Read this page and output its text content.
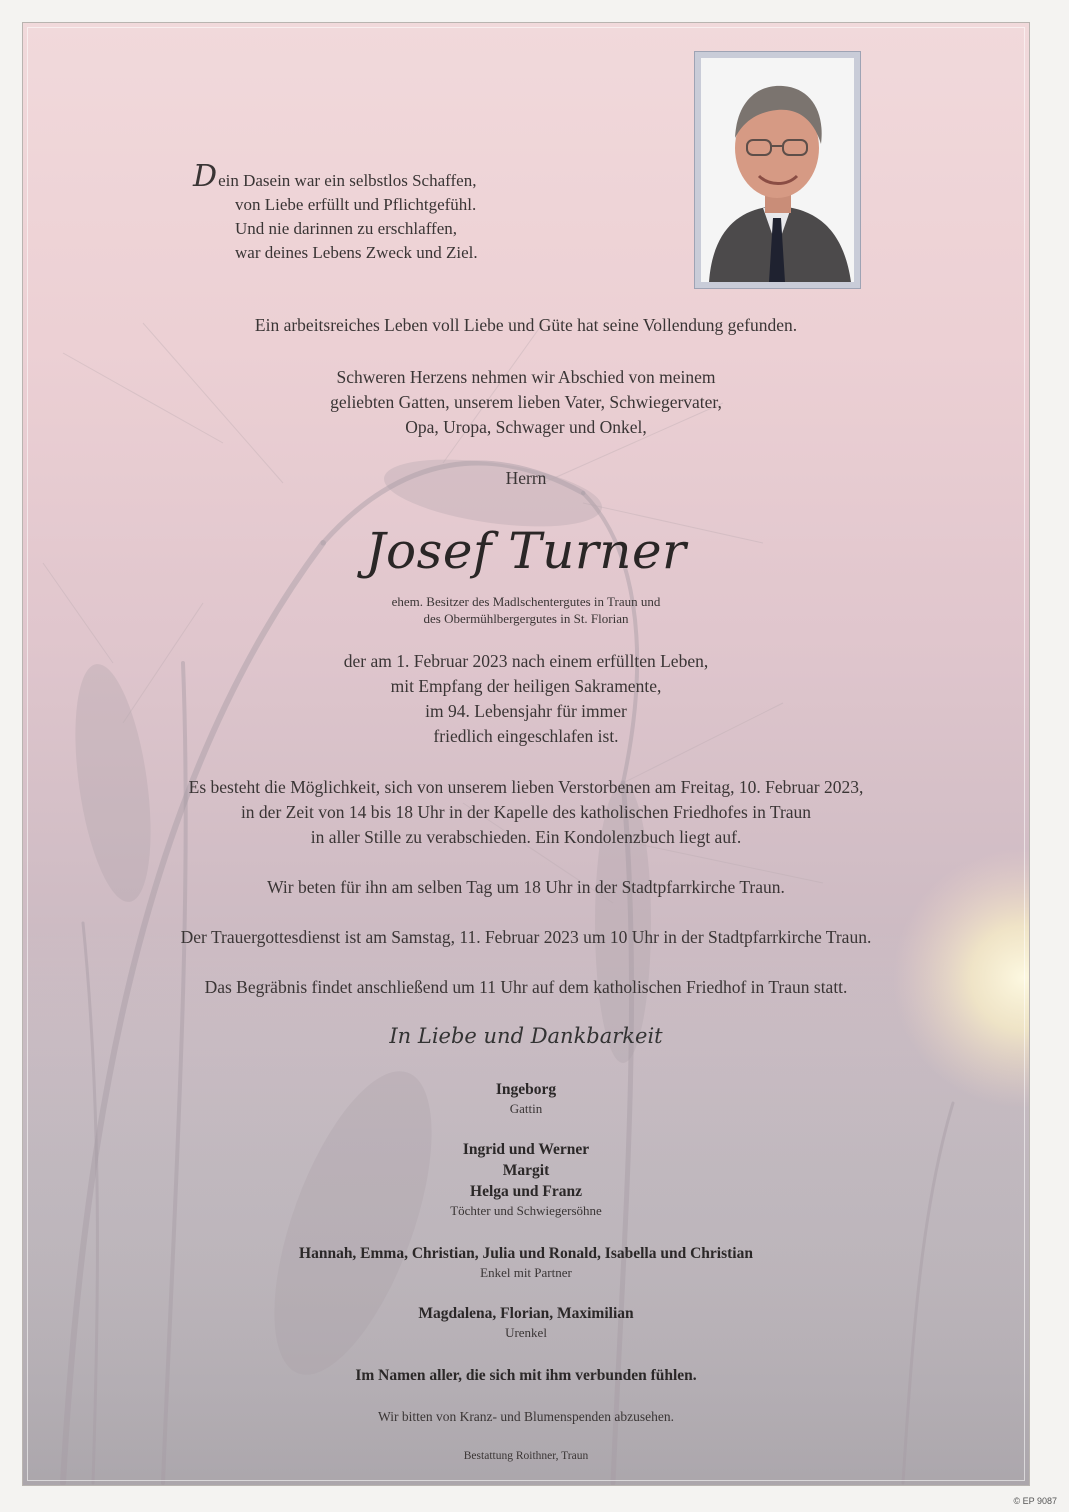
Dein Dasein war ein selbstlos Schaffen,
von Liebe erfüllt und Pflichtgefühl.
Und nie darinnen zu erschlaffen,
war deines Lebens Zweck und Ziel.
Ein arbeitsreiches Leben voll Liebe und Güte hat seine Vollendung gefunden.
Schweren Herzens nehmen wir Abschied von meinem
geliebten Gatten, unserem lieben Vater, Schwiegervater,
Opa, Uropa, Schwager und Onkel,
Herrn
Josef Turner
ehem. Besitzer des Madlschentergutes in Traun und
des Obermühlbergergutes in St. Florian
der am 1. Februar 2023 nach einem erfüllten Leben,
mit Empfang der heiligen Sakramente,
im 94. Lebensjahr für immer
friedlich eingeschlafen ist.
Es besteht die Möglichkeit, sich von unserem lieben Verstorbenen am Freitag, 10. Februar 2023,
in der Zeit von 14 bis 18 Uhr in der Kapelle des katholischen Friedhofes in Traun
in aller Stille zu verabschieden. Ein Kondolenzbuch liegt auf.
Wir beten für ihn am selben Tag um 18 Uhr in der Stadtpfarrkirche Traun.
Der Trauergottesdienst ist am Samstag, 11. Februar 2023 um 10 Uhr in der Stadtpfarrkirche Traun.
Das Begräbnis findet anschließend um 11 Uhr auf dem katholischen Friedhof in Traun statt.
In Liebe und Dankbarkeit
Ingeborg
Gattin
Ingrid und Werner
Margit
Helga und Franz
Töchter und Schwiegersöhne
Hannah, Emma, Christian, Julia und Ronald, Isabella und Christian
Enkel mit Partner
Magdalena, Florian, Maximilian
Urenkel
Im Namen aller, die sich mit ihm verbunden fühlen.
Wir bitten von Kranz- und Blumenspenden abzusehen.
Bestattung Roithner, Traun
© EP 9087
